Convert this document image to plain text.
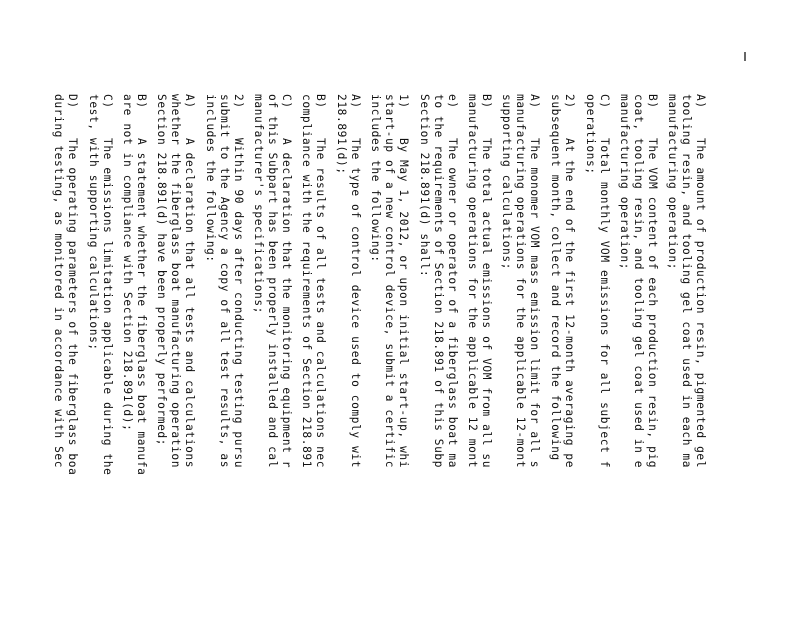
A)    The amount of production resin, pigmented gel

tooling resin, and tooling gel coat used in each ma

manufacturing operation;

B)    The VOM content of each production resin, pig

coat, tooling resin, and tooling gel coat used in e

manufacturing operation;

C)    Total monthly VOM emissions for all subject f

operations;

2)    At the end of the first 12-month averaging pe

subsequent month, collect and record the following

A)    The monomer VOM mass emission limit for all s

manufacturing operations for the applicable 12-mont

supporting calculations;

B)    The total actual emissions of VOM from all su

manufacturing operations for the applicable 12 mont

e)    The owner or operator of a fiberglass boat ma

to the requirements of Section 218.891 of this Subp

Section 218.891(d) shall:

1)    By May 1, 2012, or upon initial start-up, whi

start-up of a new control device, submit a certific

includes the following:

A)    The type of control device used to comply wit

218.891(d);

B)    The results of all tests and calculations nec

compliance with the requirements of Section 218.891

C)    A declaration that the monitoring equipment r

of this Subpart has been properly installed and cal

manufacturer's specifications;

2)    Within 90 days after conducting testing pursu

submit to the Agency a copy of all test results, as

includes the following:

A)    A declaration that all tests and calculations

whether the fiberglass boat manufacturing operation

Section 218.891(d) have been properly performed;

B)    A statement whether the fiberglass boat manufa

are not in compliance with Section 218.891(d);

C)    The emissions limitation applicable during the

test, with supporting calculations;

D)    The operating parameters of the fiberglass boa

during testing, as monitored in accordance with Sec
